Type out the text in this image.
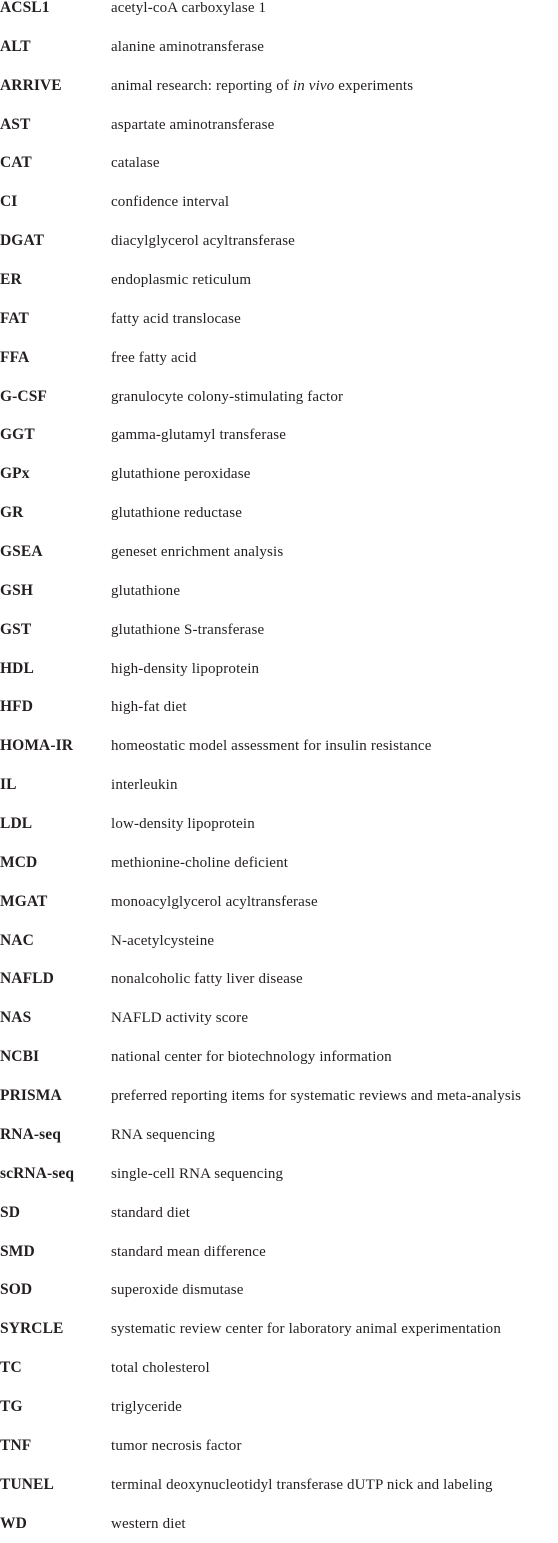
ACSL1	acetyl-coA carboxylase 1
ALT	alanine aminotransferase
ARRIVE	animal research: reporting of in vivo experiments
AST	aspartate aminotransferase
CAT	catalase
CI	confidence interval
DGAT	diacylglycerol acyltransferase
ER	endoplasmic reticulum
FAT	fatty acid translocase
FFA	free fatty acid
G-CSF	granulocyte colony-stimulating factor
GGT	gamma-glutamyl transferase
GPx	glutathione peroxidase
GR	glutathione reductase
GSEA	geneset enrichment analysis
GSH	glutathione
GST	glutathione S-transferase
HDL	high-density lipoprotein
HFD	high-fat diet
HOMA-IR	homeostatic model assessment for insulin resistance
IL	interleukin
LDL	low-density lipoprotein
MCD	methionine-choline deficient
MGAT	monoacylglycerol acyltransferase
NAC	N-acetylcysteine
NAFLD	nonalcoholic fatty liver disease
NAS	NAFLD activity score
NCBI	national center for biotechnology information
PRISMA	preferred reporting items for systematic reviews and meta-analysis
RNA-seq	RNA sequencing
scRNA-seq single-cell RNA sequencing
SD	standard diet
SMD	standard mean difference
SOD	superoxide dismutase
SYRCLE	systematic review center for laboratory animal experimentation
TC	total cholesterol
TG	triglyceride
TNF	tumor necrosis factor
TUNEL	terminal deoxynucleotidyl transferase dUTP nick and labeling
WD	western diet
